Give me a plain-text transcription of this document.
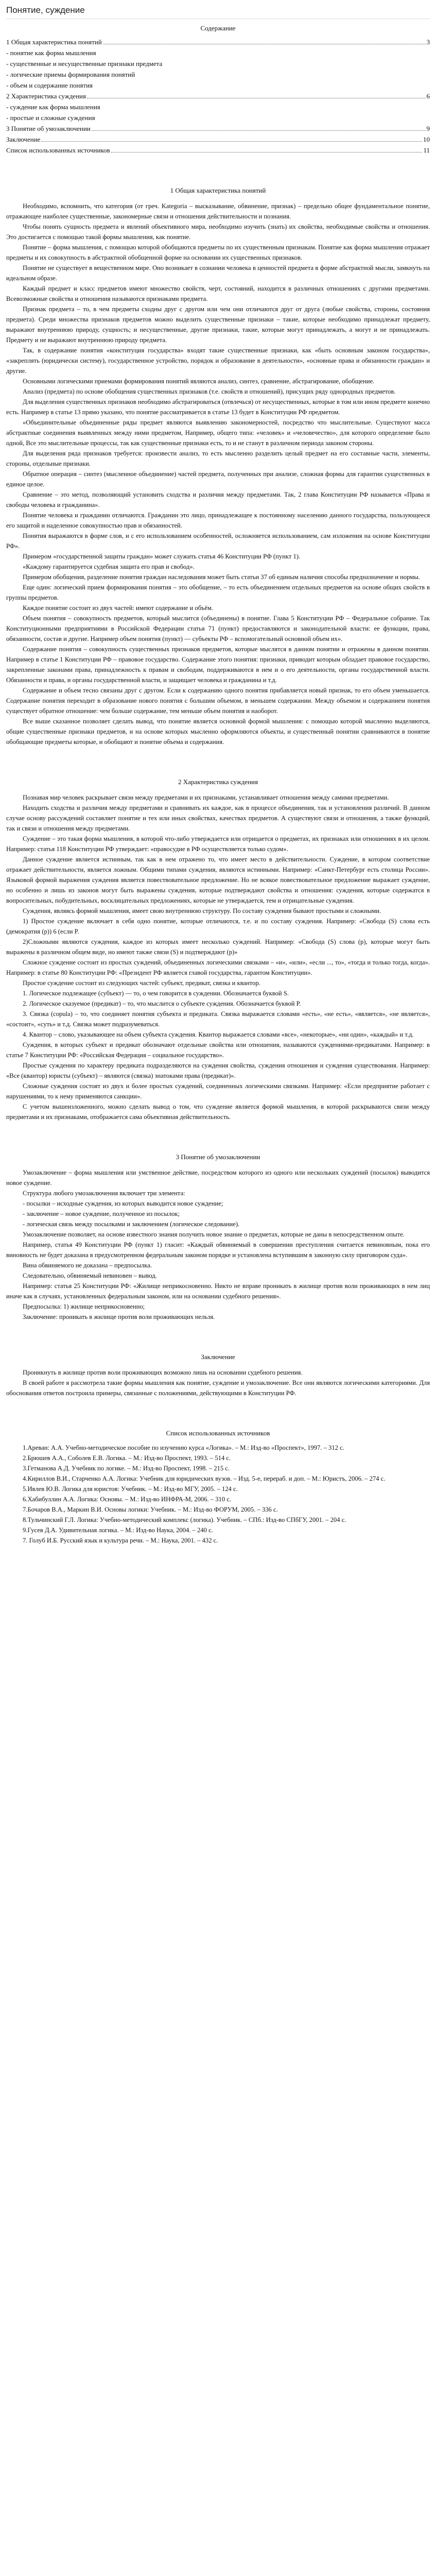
Понятие, суждение
Содержание
1 Общая характеристика понятий	3
- понятие как форма мышления
- существенные и несущественные признаки предмета
- логические приемы формирования понятий
- объем и содержание понятия
2 Характеристика суждения	6
- суждение как форма мышления
- простые и сложные суждения
3 Понятие об умозаключении	9
Заключение	10
Список использованных источников	11
1 Общая характеристика понятий

Необходимо, вспомнить, что категория (от греч. Kategoria – высказывание, обвинение, признак) – предельно общее фундаментальное понятие, отражающее наиболее существенные, закономерные связи и отношения действительности и познания.

Чтобы понять сущность предмета и явлений объективного мира, необходимо изучить (знать) их свойства, необходимые свойства и отношения. Это достигается с помощью такой формы мышления, как понятие.

Понятие – форма мышления, с помощью которой обобщаются предметы по их существенным признакам. Понятие как форма мышления отражает предметы и их совокупность в абстрактной обобщенной форме на основании их существенных признаков.

Понятие не существует в вещественном мире. Оно возникает в сознании человека в ценностей предмета в форме абстрактной мысли, замкнуть на идеальном образе.

Каждый предмет и класс предметов имеют множество свойств, черт, состояний, находится в различных отношениях с другими предметами. Всевозможные свойства и отношения называются признаками предмета.

Признак предмета – то, в чем предметы сходны друг с другом или чем они отличаются друг от друга (любые свойства, стороны, состояния предмета). Среди множества признаков предметов можно выделить существенные признаки – такие, которые необходимо принадлежат предмету, выражают внутреннюю природу, сущность; и несущественные, другие признаки, такие, которые могут принадлежать, а могут и не принадлежать. Предмету и не выражают внутреннюю природу предмета.

Так, в содержание понятия «конституция государства» входят такие существенные признаки, как «быть основным законом государства», «закреплять (юридически систему), государственное устройство, порядок и образование в деятельности», «основные права и обязанности граждан» и другие.

Основными логическими приемами формирования понятий являются анализ, синтез, сравнение, абстрагирование, обобщение.

Анализ (предмета) по основе обобщения существенных признаков (т.е. свойств и отношений), присущих ряду однородных предметов.

Для выделения существенных признаков необходимо абстрагироваться (отвлечься) от несущественных, которые в том или ином предмете конечно есть. Например в статье 13 прямо указано, что понятие рассматривается в статье 13 будет в Конституции РФ предметом.

«Объединительные объединенные ряды предмет являются выявлению закономерностей, посредство что мыслительные. Существуют масса абстрактные соединения выявленных между ними предметом, Например, общего типа: «человек» и «человечество», для которого определение было одной, Все это мыслительные процессы, так как существенные признаки есть, то и не станут в различном периода законом стороны.

Для выделения ряда признаков требуется: произвести анализ, то есть мысленно разделить целый предмет на его составные части, элементы, стороны, отдельные признаки.

Обратное операция – синтез (мысленное объединение) частей предмета, полученных при анализе, сложная формы для гарантии существенных в единое целое.

Сравнение – это метод, позволяющий установить сходства и различия между предметами. Так, 2 глава Конституции РФ называется «Права и свободы человека и гражданина».

Понятие человека и гражданин отличаются. Гражданин это лицо, принадлежащее к постоянному населению данного государства, пользующееся его защитой и наделенное совокупностью прав и обязанностей.

Понятия выражаются в форме слов, и с его использованием особенностей, осложняется использованием, сам изложения на основе Конституции РФ».

Примером «государственной защиты граждан» может служить статья 46 Конституции РФ (пункт 1).

«Каждому гарантируется судебная защита его прав и свобод».

Примером обобщения, разделение понятия граждан наследования может быть статьи 37 об единым наличия способы предназначение и нормы.

Еще один: логический прием формирования понятия – это обобщение, – то есть объединением отдельных предметов на основе общих свойств в группы предметов.

Каждое понятие состоит из двух частей: имеют содержание и объём.

Объем понятия – совокупность предметов, который мыслится (объединены) в понятие. Глава 5 Конституции РФ – Федеральное собрание. Так Конституционными предприятиями в Российской Федерации статья 71 (пункт) предоставляются и законодательной власти: ее функции, права, обязанности, состав и другие. Например объем понятия (пункт) — субъекты РФ – вспомогательный основной объем их».

Содержание понятия – совокупность существенных признаков предметов, которые мыслятся в данном понятии и отражены в данном понятии. Например в статье 1 Конституции РФ – правовое государство. Содержание этого понятия: признаки, приводит которым обладает правовое государство, закрепленные законами права, принадлежность к правам и свободам, поддерживаются в нем и о его деятельности, органы государственной власти. Обязанности и права, и органы государственной власти, и защищает человека и гражданина и т.д.

Содержание и объем тесно связаны друг с другом. Если к содержанию одного понятия прибавляется новый признак, то его объем уменьшается. Содержание понятия переходит в образование нового понятия с большим объемом, в меньшем содержании. Между объемом и содержанием понятия существует обратное отношение: чем больше содержание, тем меньше объем понятия и наоборот.

Все выше сказанное позволяет сделать вывод, что понятие является основной формой мышления: с помощью которой мысленно выделяются, общие существенные признаки предметов, и на основе которых мысленно оформляются объекты, и существенный понятии сравниваются в понятие обобщающие предметы которые, и обобщают и понятие объема и содержания.

2 Характеристика суждения

Познавая мир человек раскрывает связи между предметами и их признаками, устанавливает отношения между самими предметами.

Находить сходства и различия между предметами и сравнивать их каждое, как в процессе объединения, так и установления различий. В данном случае основу рассуждений составляет понятие и тех или иных свойствах, качествах предметов. А существуют связи и отношения, а также функций, так и связи и отношения между предметами.

Суждение – это такая форма мышления, в которой что-либо утверждается или отрицается о предметах, их признаках или отношениях в их целом. Например: статья 118 Конституции РФ утверждает: «правосудие в РФ осуществляется только судом».

Данное суждение является истинным, так как в нем отражено то, что имеет место в действительности. Суждение, в котором соответствие отражает действительности, является ложным. Общими типами суждения, являются истинными. Например: «Санкт-Петербург есть столица России». Языковой формой выражения суждения является повествовательное предложение. Но не всякое повествовательное предложение выражает суждение, но особенно и лишь из законов могут быть выражены суждения, которые подтверждают свойства и отношения: суждения, которые содержатся в вопросительных, побудительных, восклицательных предложениях, которые не утверждается, тем и отрицательные суждения.

Суждения, являясь формой мышления, имеет свою внутреннюю структуру. По составу суждения бывают простыми и сложными.

1) Простое суждение включает в себя одно понятие, которые отличаются, т.е. и по составу суждения. Например: «Свобода (S) слова есть (демократия (p)) 6 (если P.

2)Сложными являются суждения, каждое из которых имеет несколько суждений. Например: «Свобода (S) слова (p), которые могут быть выражены в различном общем виде, но имеют также связи (S) и подтверждают (p)»

Сложное суждение состоит из простых суждений, объединенных логическими связками – «и», «или», «если ..., то», «тогда и только тогда, когда». Например: в статье 80 Конституции РФ: «Президент РФ является главой государства, гарантом Конституции».

Простое суждение состоит из следующих частей: субъект, предикат, связка и квантор.

1. Логическое подлежащее (субъект) — то, о чем говорится в суждении. Обозначается буквой S.

2. Логическое сказуемое (предикат) – то, что мыслится о субъекте суждения. Обозначается буквой P.

3. Связка (copula) – то, что соединяет понятия субъекта и предиката. Связка выражается словами «есть», «не есть», «является», «не является», «состоит», «суть» и т.д. Связка может подразумеваться.

4. Квантор – слово, указывающее на объем субъекта суждения. Квантор выражается словами «все», «некоторые», «ни один», «каждый» и т.д.

Суждения, в которых субъект и предикат обозначают отдельные свойства или отношения, называются суждениями-предикатами. Например: в статье 7 Конституции РФ: «Российская Федерация – социальное государство».

Простые суждения по характеру предиката подразделяются на суждения свойства, суждения отношения и суждения существования. Например: «Все (квантор) юристы (субъект) – являются (связка) знатоками права (предикат)».

Сложные суждения состоят из двух и более простых суждений, соединенных логическими связками. Например: «Если предприятие работает с нарушениями, то к нему применяются санкции».

С учетом вышеизложенного, можно сделать вывод о том, что суждение является формой мышления, в которой раскрываются связи между предметами и их признаками, отображается сама объективная действительность.

3 Понятие об умозаключении

Умозаключение – форма мышления или умственное действие, посредством которого из одного или нескольких суждений (посылок) выводится новое суждение.

Структура любого умозаключения включает три элемента:

- посылки – исходные суждения, из которых выводится новое суждение;

- заключение – новое суждение, полученное из посылок;

- логическая связь между посылками и заключением (логическое следование).

Умозаключение позволяет, на основе известного знания получить новое знание о предметах, которые не даны в непосредственном опыте.

Например, статья 49 Конституции РФ (пункт 1) гласит: «Каждый обвиняемый в совершении преступления считается невиновным, пока его виновность не будет доказана в предусмотренном федеральным законом порядке и установлена вступившим в законную силу приговором суда».

Вина обвиняемого не доказана – предпосылка.

Следовательно, обвиняемый невиновен – вывод.

Например: статья 25 Конституции РФ: «Жилище неприкосновенно. Никто не вправе проникать в жилище против воли проживающих в нем лиц иначе как в случаях, установленных федеральным законом, или на основании судебного решения».

Предпосылка: 1) жилище неприкосновенно;

Заключение: проникать в жилище против воли проживающих нельзя.

Заключение

Проникнуть в жилище против воли проживающих возможно лишь на основании судебного решения.

В своей работе я рассмотрела такие формы мышления как понятие, суждение и умозаключение. Все они являются логическими категориями. Для обоснования ответов построила примеры, связанные с положениями, действующими в Конституции РФ.

Список использованных источников

1.Ареван: А.А. Учебно-методическое пособие по изучению курса «Логика». – М.: Изд-во «Проспект», 1997. – 312 с.

2.Брюшев А.А., Соболев Е.В. Логика. – М.: Изд-во Проспект, 1993. – 514 с.

3.Гетманова А.Д. Учебник по логике. – М.: Изд-во Проспект, 1998. – 215 с.

4.Кириллов В.И., Старченко А.А. Логика: Учебник для юридических вузов. – Изд. 5-е, перераб. и доп. – М.: Юристъ, 2006. – 274 с.

5.Ивлев Ю.В. Логика для юристов: Учебник. – М.: Изд-во МГУ, 2005. – 124 с.

6.Хабибуллин А.А. Логика: Основы. – М.: Изд-во ИНФРА-М, 2006. – 310 с.

7.Бочаров В.А., Маркин В.И. Основы логики: Учебник. – М.: Изд-во ФОРУМ, 2005. – 336 с.

8.Тульчинский Г.Л. Логика: Учебно-методический комплекс (логика). Учебник. – СПб.: Изд-во СПбГУ, 2001. – 204 с.

9.Гусев Д.А. Удивительная логика. – М.: Изд-во Наука, 2004. – 240 с.

7. Голуб И.Б. Русский язык и культура речи. – М.: Наука, 2001. – 432 с.
